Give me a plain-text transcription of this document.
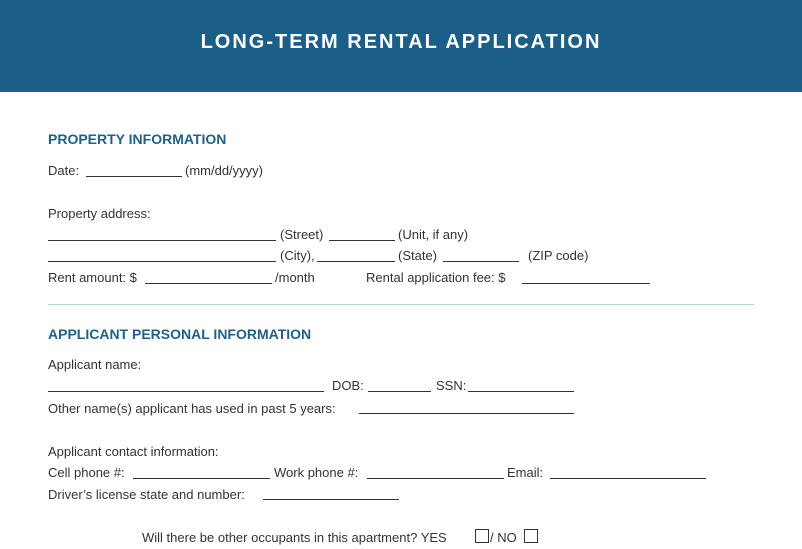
LONG-TERM RENTAL APPLICATION
PROPERTY INFORMATION
Date:	(mm/dd/yyyy)
Property address:
(Street)	(Unit, if any)
(City),	(State)	(ZIP code)
Rent amount: $	/month	Rental application fee: $
APPLICANT PERSONAL INFORMATION
Applicant name:
DOB:	SSN:
Other name(s) applicant has used in past 5 years:
Applicant contact information:
Cell phone #:	Work phone #:	Email:
Driver’s license state and number:
Will there be other occupants in this apartment? YES	/ NO
